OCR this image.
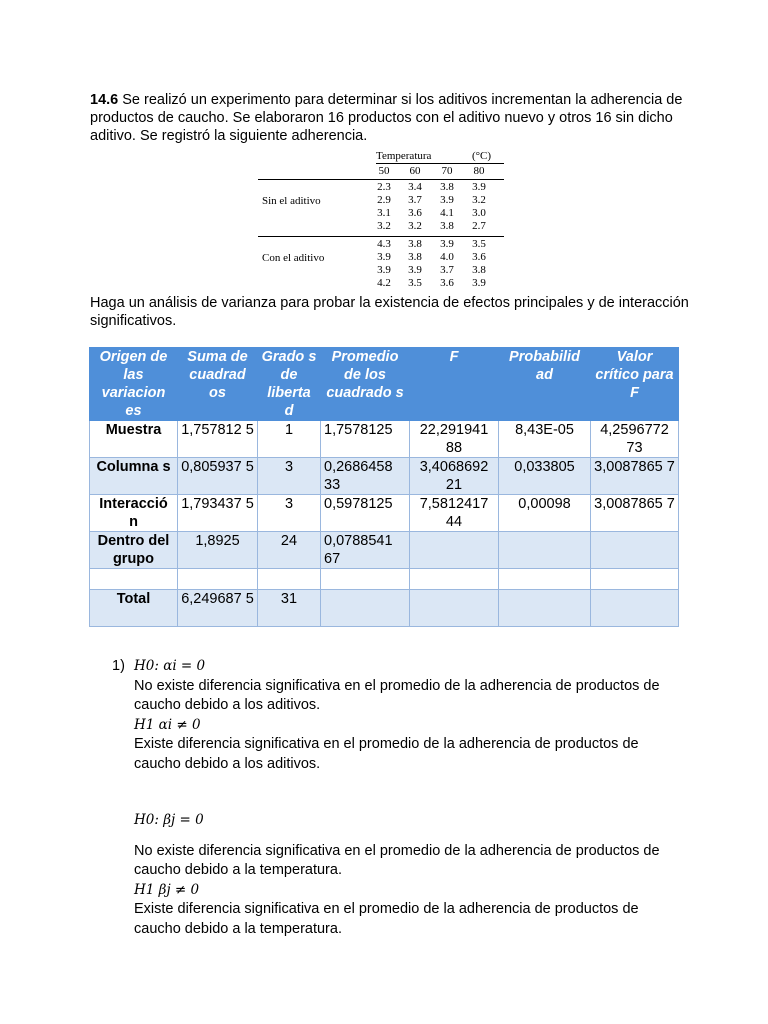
14.6 Se realizó un experimento para determinar si los aditivos incrementan la adherencia de productos de caucho. Se elaboraron 16 productos con el aditivo nuevo y otros 16 sin dicho aditivo. Se registró la siguiente adherencia.
Temperatura	(°C)
50	60	70	80
Sin el aditivo
2.3	3.4	3.8	3.9
2.9	3.7	3.9	3.2
3.1	3.6	4.1	3.0
3.2	3.2	3.8	2.7
Con el aditivo
4.3	3.8	3.9	3.5
3.9	3.8	4.0	3.6
3.9	3.9	3.7	3.8
4.2	3.5	3.6	3.9
Haga un análisis de varianza para probar la existencia de efectos principales y de interacción significativos.
Origen de las variacion es	Suma de cuadrad os	Grado s de liberta d	Promedio de los cuadrado s	F	Probabilid ad	Valor crítico para F
Muestra	1,757812 5	1	1,7578125	22,291941 88	8,43E-05	4,2596772 73
Columna s	0,805937 5	3	0,2686458 33	3,4068692 21	0,033805	3,0087865 7
Interacció n	1,793437 5	3	0,5978125	7,5812417 44	0,00098	3,0087865 7
Dentro del grupo	1,8925	24	0,0788541 67			

Total	6,249687 5	31				
1) H0: αi = 0
No existe diferencia significativa en el promedio de la adherencia de productos de caucho debido a los aditivos.
H1 αi ≠ 0
Existe diferencia significativa en el promedio de la adherencia de productos de caucho debido a los aditivos.
H0: βj = 0
No existe diferencia significativa en el promedio de la adherencia de productos de caucho debido a la temperatura.
H1 βj ≠ 0
Existe diferencia significativa en el promedio de la adherencia de productos de caucho debido a la temperatura.
